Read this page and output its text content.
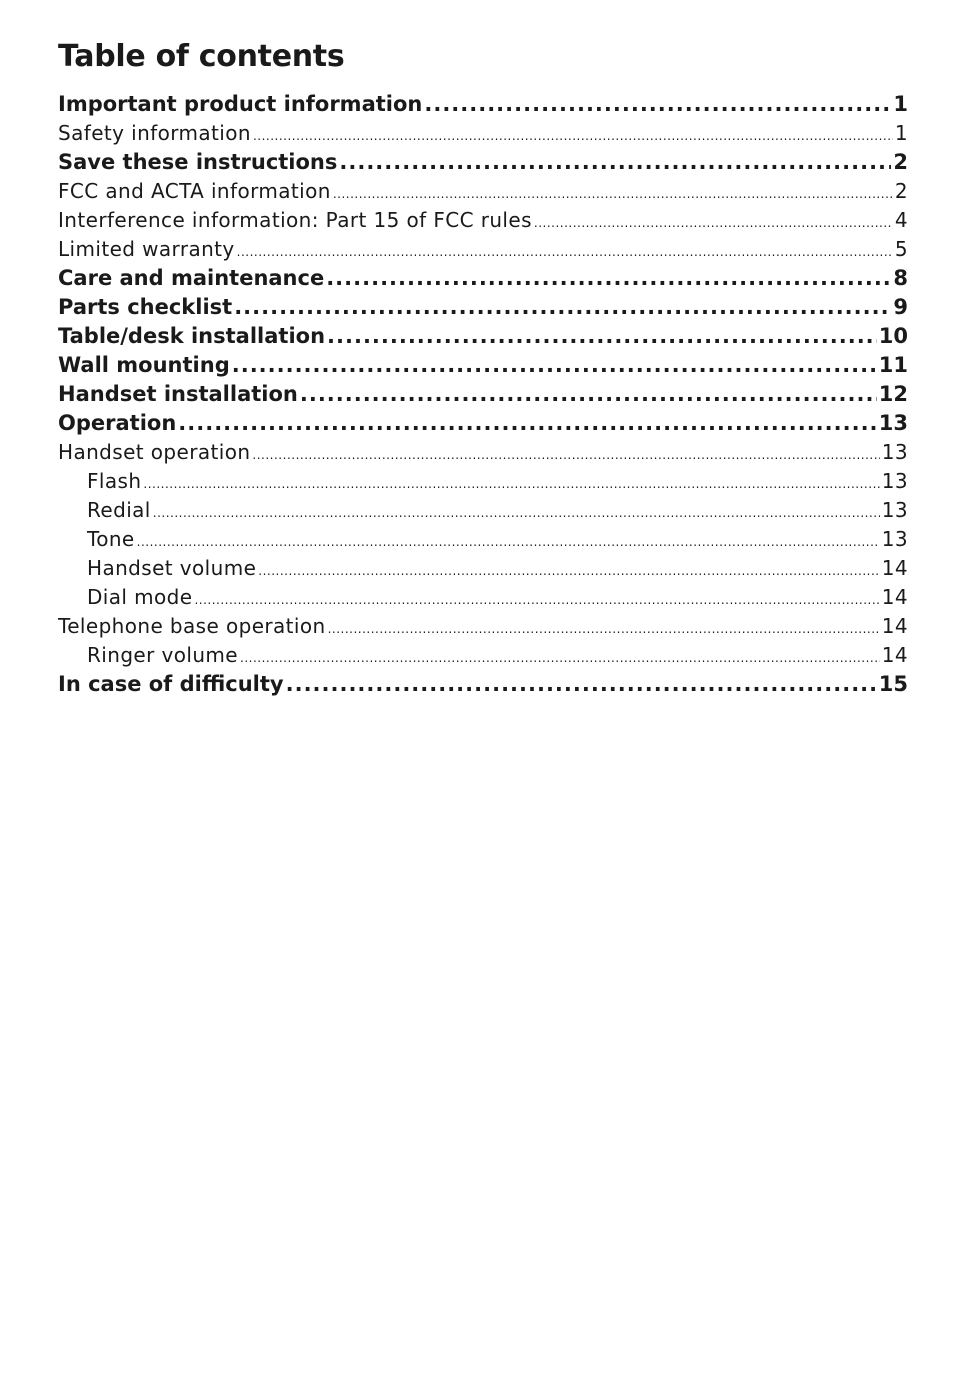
Table of contents
Important product information .....	1
Safety information .....	1
Save these instructions .....	2
FCC and ACTA information .....	2
Interference information: Part 15 of FCC rules .....	4
Limited warranty .....	5
Care and maintenance .....	8
Parts checklist .....	9
Table/desk installation .....	10
Wall mounting .....	11
Handset installation .....	12
Operation .....	13
Handset operation .....	13
Flash .....	13
Redial .....	13
Tone .....	13
Handset volume .....	14
Dial mode .....	14
Telephone base operation .....	14
Ringer volume .....	14
In case of difficulty .....	15
